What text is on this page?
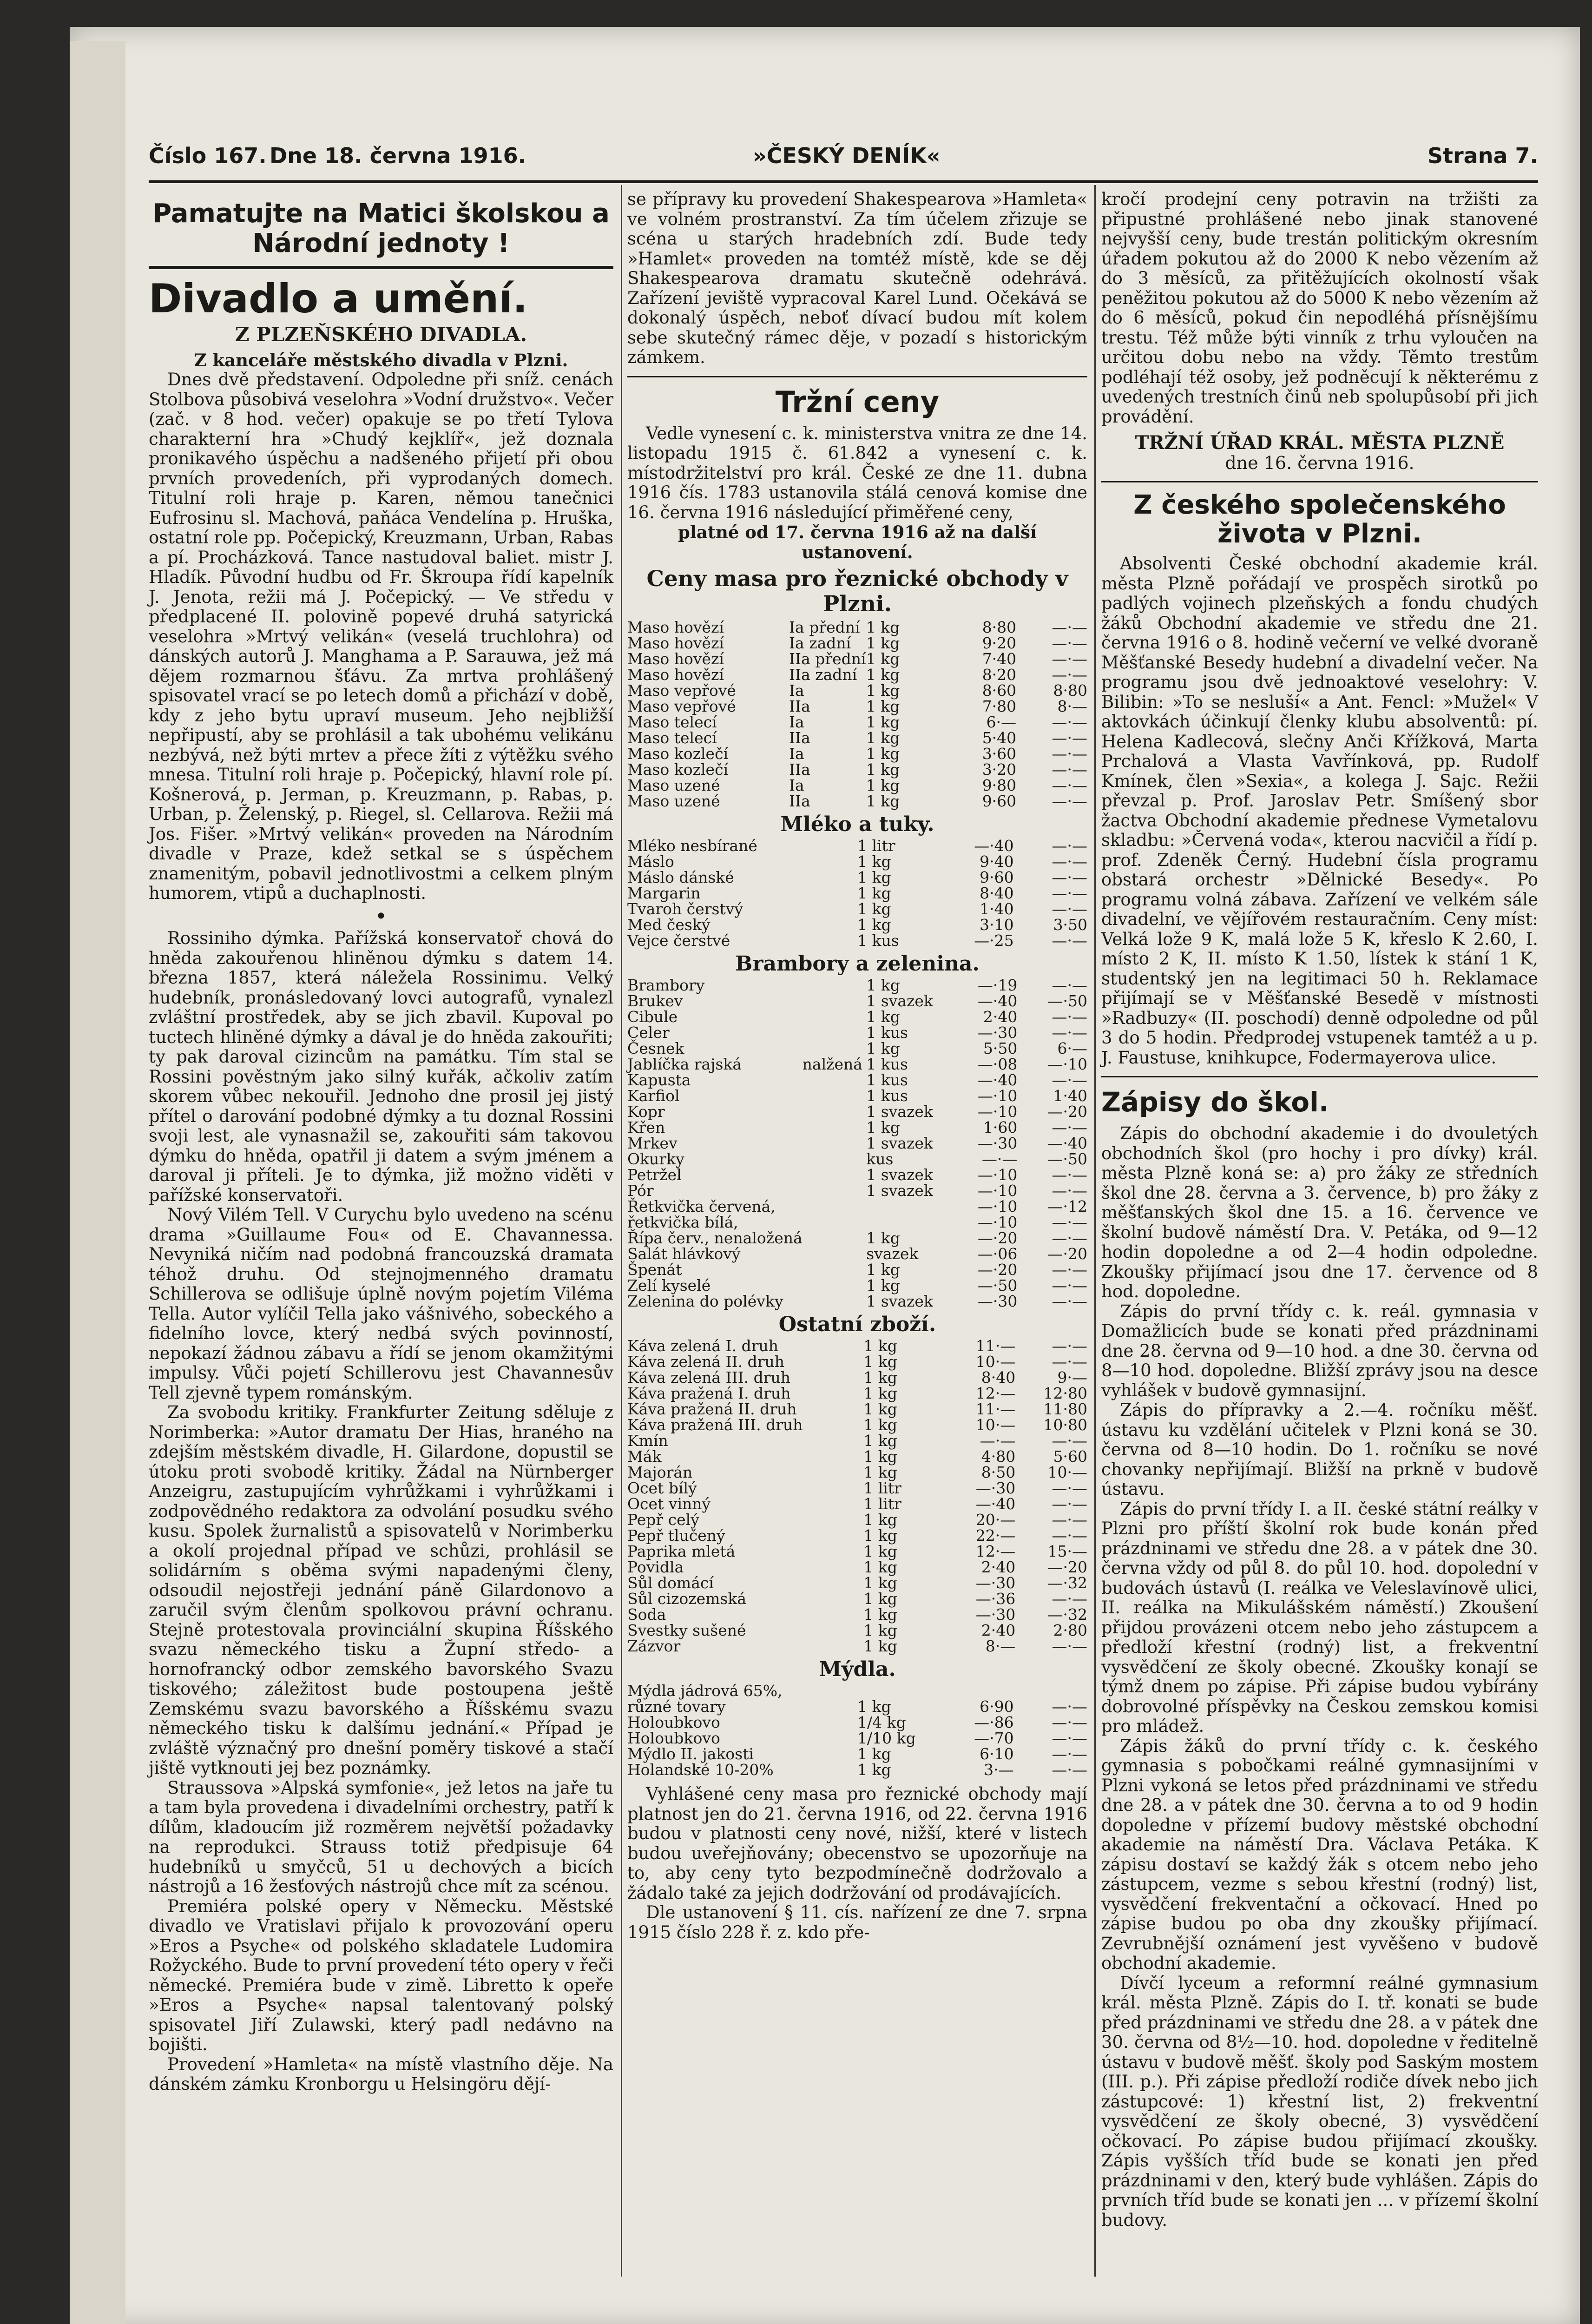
Číslo 167. Dne 18. června 1916.	»ČESKÝ DENÍK«	Strana 7.
Pamatujte na Matici školskou a Národní jednoty !
Divadlo a umění.
Z PLZEŇSKÉHO DIVADLA.

Z kanceláře městského divadla v Plzni.

Dnes dvě představení. Odpoledne při sníž. cenách Stolbova působivá veselohra »Vodní družstvo«. Večer (zač. v 8 hod. večer) opakuje se po třetí Tylova charakterní hra »Chudý kejklíř«, jež doznala pronikavého úspěchu a nadšeného přijetí při obou prvních provedeních, při vyprodaných domech. Titulní roli hraje p. Karen, němou tanečnici Eufrosinu sl. Machová, paňáca Vendelína p. Hruška, ostatní role pp. Počepický, Kreuzmann, Urban, Rabas a pí. Procházková. Tance nastudoval baliet. mistr J. Hladík. Původní hudbu od Fr. Škroupa řídí kapelník J. Jenota, režii má J. Počepický. — Ve středu v předplacené II. polovině popevé druhá satyrická veselohra »Mrtvý velikán« (veselá truchlohra) od dánských autorů J. Manghama a P. Sarauwa, jež má dějem rozmarnou šťávu. Za mrtva prohlášený spisovatel vrací se po letech domů a přichází v době, kdy z jeho bytu upraví museum. Jeho nejbližší nepřipustí, aby se prohlásil a tak ubohému velikánu nezbývá, než býti mrtev a přece žíti z výtěžku svého mnesa. Titulní roli hraje p. Počepický, hlavní role pí. Košnerová, p. Jerman, p. Kreuzmann, p. Rabas, p. Urban, p. Želenský, p. Riegel, sl. Cellarova. Režii má Jos. Fišer. »Mrtvý velikán« proveden na Národním divadle v Praze, kdež setkal se s úspěchem znamenitým, pobavil jednotlivostmi a celkem plným humorem, vtipů a duchaplnosti.

•

Rossiniho dýmka. Pařížská konservatoř chová do hněda zakouřenou hliněnou dýmku s datem 14. března 1857, která náležela Rossinimu. Velký hudebník, pronásledovaný lovci autografů, vynalezl zvláštní prostředek, aby se jich zbavil. Kupoval po tuctech hliněné dýmky a dával je do hněda zakouřiti; ty pak daroval cizincům na památku. Tím stal se Rossini pověstným jako silný kuřák, ačkoliv zatím skorem vůbec nekouřil. Jednoho dne prosil jej jistý přítel o darování podobné dýmky a tu doznal Rossini svoji lest, ale vynasnažil se, zakouřiti sám takovou dýmku do hněda, opatřil ji datem a svým jménem a daroval ji příteli. Je to dýmka, již možno viděti v pařížské konservatoři.

Nový Vilém Tell. V Curychu bylo uvedeno na scénu drama »Guillaume Fou« od E. Chavannessa. Nevyniká ničím nad podobná francouzská dramata téhož druhu. Od stejnojmenného dramatu Schillerova se odlišuje úplně novým pojetím Viléma Tella. Autor vylíčil Tella jako vášnivého, sobeckého a fidelního lovce, který nedbá svých povinností, nepokazí žádnou zábavu a řídí se jenom okamžitými impulsy. Vůči pojetí Schillerovu jest Chavannesův Tell zjevně typem románským.

Za svobodu kritiky. Frankfurter Zeitung sděluje z Norimberka: »Autor dramatu Der Hias, hraného na zdejším městském divadle, H. Gilardone, dopustil se útoku proti svobodě kritiky. Žádal na Nürnberger Anzeigru, zastupujícím vyhrůžkami i vyhrůžkami i zodpovědného redaktora za odvolání posudku svého kusu. Spolek žurnalistů a spisovatelů v Norimberku a okolí projednal případ ve schůzi, prohlásil se solidárním s oběma svými napadenými členy, odsoudil nejostřeji jednání páně Gilardonovo a zaručil svým členům spolkovou právní ochranu. Stejně protestovala provinciální skupina Říšského svazu německého tisku a Župní středo- a hornofrancký odbor zemského bavorského Svazu tiskového; záležitost bude postoupena ještě Zemskému svazu bavorského a Říšskému svazu německého tisku k dalšímu jednání.« Případ je zvláště význačný pro dnešní poměry tiskové a stačí jiště vytknouti jej bez poznámky.

Straussova »Alpská symfonie«, jež letos na jaře tu a tam byla provedena i divadelními orchestry, patří k dílům, kladoucím již rozměrem největší požadavky na reprodukci. Strauss totiž předpisuje 64 hudebníků u smyčců, 51 u dechových a bicích nástrojů a 16 žesťových nástrojů chce mít za scénou.

Premiéra polské opery v Německu. Městské divadlo ve Vratislavi přijalo k provozování operu »Eros a Psyche« od polského skladatele Ludomira Rožyckého. Bude to první provedení této opery v řeči německé. Premiéra bude v zimě. Libretto k opeře »Eros a Psyche« napsal talentovaný polský spisovatel Jiří Zulawski, který padl nedávno na bojišti.

Provedení »Hamleta« na místě vlastního děje. Na dánském zámku Kronborgu u Helsingöru dějí-

se přípravy ku provedení Shakespearova »Hamleta« ve volném prostranství. Za tím účelem zřizuje se scéna u starých hradebních zdí. Bude tedy »Hamlet« proveden na tomtéž místě, kde se děj Shakespearova dramatu skutečně odehrává. Zařízení jeviště vypracoval Karel Lund. Očekává se dokonalý úspěch, neboť dívací budou mít kolem sebe skutečný rámec děje, v pozadí s historickým zámkem.

Tržní ceny

Vedle vynesení c. k. ministerstva vnitra ze dne 14. listopadu 1915 č. 61.842 a vynesení c. k. místodržitelství pro král. České ze dne 11. dubna 1916 čís. 1783 ustanovila stálá cenová komise dne 16. června 1916 následující přiměřené ceny,

platné od 17. června 1916 až na další ustanovení.

Ceny masa pro řeznické obchody v Plzni.
Maso hovězí	Ia přední	1 kg	8·80	—·—
Maso hovězí	Ia zadní	1 kg	9·20	—·—
Maso hovězí	IIa přední	1 kg	7·40	—·—
Maso hovězí	IIa zadní	1 kg	8·20	—·—
Maso vepřové	Ia	1 kg	8·60	8·80
Maso vepřové	IIa	1 kg	7·80	8·—
Maso telecí	Ia	1 kg	6·—	—·—
Maso telecí	IIa	1 kg	5·40	—·—
Maso kozlečí	Ia	1 kg	3·60	—·—
Maso kozlečí	IIa	1 kg	3·20	—·—
Maso uzené	Ia	1 kg	9·80	—·—
Maso uzené	IIa	1 kg	9·60	—·—
Mléko a tuky.
Mléko nesbírané		1 litr	—·40	—·—
Máslo		1 kg	9·40	—·—
Máslo dánské		1 kg	9·60	—·—
Margarin		1 kg	8·40	—·—
Tvaroh čerstvý		1 kg	1·40	—·—
Med český		1 kg	3·10	3·50
Vejce čerstvé		1 kus	—·25	—·—
Brambory a zelenina.
Brambory		1 kg	—·19	—·—
Brukev		1 svazek	—·40	—·50
Cibule		1 kg	2·40	—·—
Celer		1 kus	—·30	—·—
Česnek		1 kg	5·50	6·—
Jablíčka rajská	nalžená	1 kus	—·08	—·10
Kapusta		1 kus	—·40	—·—
Karfiol		1 kus	—·10	1·40
Kopr		1 svazek	—·10	—·20
Křen		1 kg	1·60	—·—
Mrkev		1 svazek	—·30	—·40
Okurky		kus	—·—	—·50
Petržel		1 svazek	—·10	—·—
Pór		1 svazek	—·10	—·—
Řetkvička červená,			—·10	—·12
řetkvička bílá,			—·10	—·—
Řípa červ., nenaložená		1 kg	—·20	—·—
Salát hlávkový		svazek	—·06	—·20
Špenát		1 kg	—·20	—·—
Zelí kyselé		1 kg	—·50	—·—
Zelenina do polévky		1 svazek	—·30	—·—
Ostatní zboží.
Káva zelená I. druh		1 kg	11·—	—·—
Káva zelená II. druh		1 kg	10·—	—·—
Káva zelená III. druh		1 kg	8·40	9·—
Káva pražená I. druh		1 kg	12·—	12·80
Káva pražená II. druh		1 kg	11·—	11·80
Káva pražená III. druh		1 kg	10·—	10·80
Kmín		1 kg	—·—	—·—
Mák		1 kg	4·80	5·60
Majorán		1 kg	8·50	10·—
Ocet bílý		1 litr	—·30	—·—
Ocet vinný		1 litr	—·40	—·—
Pepř celý		1 kg	20·—	—·—
Pepř tlučený		1 kg	22·—	—·—
Paprika mletá		1 kg	12·—	15·—
Povidla		1 kg	2·40	—·20
Sůl domácí		1 kg	—·30	—·32
Sůl cizozemská		1 kg	—·36	—·—
Soda		1 kg	—·30	—·32
Svestky sušené		1 kg	2·40	2·80
Zázvor		1 kg	8·—	—·—
Mýdla.
Mýdla jádrová 65%,				
různé tovary		1 kg	6·90	—·—
Holoubkovo		1/4 kg	—·86	—·—
Holoubkovo		1/10 kg	—·70	—·—
Mýdlo II. jakosti		1 kg	6·10	—·—
Holandské 10-20%		1 kg	3·—	—·—

Vyhlášené ceny masa pro řeznické obchody mají platnost jen do 21. června 1916, od 22. června 1916 budou v platnosti ceny nové, nižší, které v listech budou uveřejňovány; obecenstvo se upozorňuje na to, aby ceny tyto bezpodmínečně dodržovalo a žádalo také za jejich dodržování od prodávajících.

Dle ustanovení § 11. cís. nařízení ze dne 7. srpna 1915 číslo 228 ř. z. kdo pře-

kročí prodejní ceny potravin na tržišti za připustné prohlášené nebo jinak stanovené nejvyšší ceny, bude trestán politickým okresním úřadem pokutou až do 2000 K nebo vězením až do 3 měsíců, za přitěžujících okolností však peněžitou pokutou až do 5000 K nebo vězením až do 6 měsíců, pokud čin nepodléhá přísnějšímu trestu. Též může býti vinník z trhu vyloučen na určitou dobu nebo na vždy. Těmto trestům podléhají též osoby, jež podněcují k některému z uvedených trestních činů neb spolupůsobí při jich provádění.

TRŽNÍ ÚŘAD KRÁL. MĚSTA PLZNĚ
dne 16. června 1916.
Z českého společenského života v Plzni.

Absolventi České obchodní akademie král. města Plzně pořádají ve prospěch sirotků po padlých vojinech plzeňských a fondu chudých žáků Obchodní akademie ve středu dne 21. června 1916 o 8. hodině večerní ve velké dvoraně Měšťanské Besedy hudební a divadelní večer. Na programu jsou dvě jednoaktové veselohry: V. Bilibin: »To se nesluší« a Ant. Fencl: »Mužel« V aktovkách účinkují členky klubu absolventů: pí. Helena Kadlecová, slečny Anči Křížková, Marta Prchalová a Vlasta Vavřínková, pp. Rudolf Kmínek, člen »Sexia«, a kolega J. Sajc. Režii převzal p. Prof. Jaroslav Petr. Smíšený sbor žactva Obchodní akademie přednese Vymetalovu skladbu: »Červená voda«, kterou nacvičil a řídí p. prof. Zdeněk Černý. Hudební čísla programu obstará orchestr »Dělnické Besedy«. Po programu volná zábava. Zařízení ve velkém sále divadelní, ve vějířovém restauračním. Ceny míst: Velká lože 9 K, malá lože 5 K, křeslo K 2.60, I. místo 2 K, II. místo K 1.50, lístek k stání 1 K, studentský jen na legitimaci 50 h. Reklamace přijímají se v Měšťanské Besedě v místnosti »Radbuzy« (II. poschodí) denně odpoledne od půl 3 do 5 hodin. Předprodej vstupenek tamtéž a u p. J. Faustuse, knihkupce, Fodermayerova ulice.

Zápisy do škol.

Zápis do obchodní akademie i do dvouletých obchodních škol (pro hochy i pro dívky) král. města Plzně koná se: a) pro žáky ze středních škol dne 28. června a 3. července, b) pro žáky z měšťanských škol dne 15. a 16. července ve školní budově náměstí Dra. V. Petáka, od 9—12 hodin dopoledne a od 2—4 hodin odpoledne. Zkoušky přijímací jsou dne 17. července od 8 hod. dopoledne.

Zápis do první třídy c. k. reál. gymnasia v Domažlicích bude se konati před prázdninami dne 28. června od 9—10 hod. a dne 30. června od 8—10 hod. dopoledne. Bližší zprávy jsou na desce vyhlášek v budově gymnasijní.

Zápis do přípravky a 2.—4. ročníku měšť. ústavu ku vzdělání učitelek v Plzni koná se 30. června od 8—10 hodin. Do 1. ročníku se nové chovanky nepřijímají. Bližší na prkně v budově ústavu.

Zápis do první třídy I. a II. české státní reálky v Plzni pro příští školní rok bude konán před prázdninami ve středu dne 28. a v pátek dne 30. června vždy od půl 8. do půl 10. hod. dopolední v budovách ústavů (I. reálka ve Veleslavínově ulici, II. reálka na Mikulášském náměstí.) Zkoušení přijdou provázeni otcem nebo jeho zástupcem a předloží křestní (rodný) list, a frekventní vysvědčení ze školy obecné. Zkoušky konají se týmž dnem po zápise. Při zápise budou vybírány dobrovolné příspěvky na Českou zemskou komisi pro mládež.

Zápis žáků do první třídy c. k. českého gymnasia s pobočkami reálné gymnasijními v Plzni vykoná se letos před prázdninami ve středu dne 28. a v pátek dne 30. června a to od 9 hodin dopoledne v přízemí budovy městské obchodní akademie na náměstí Dra. Václava Petáka. K zápisu dostaví se každý žák s otcem nebo jeho zástupcem, vezme s sebou křestní (rodný) list, vysvědčení frekventační a očkovací. Hned po zápise budou po oba dny zkoušky přijímací. Zevrubnější oznámení jest vyvěšeno v budově obchodní akademie.

Dívčí lyceum a reformní reálné gymnasium král. města Plzně. Zápis do I. tř. konati se bude před prázdninami ve středu dne 28. a v pátek dne 30. června od 8½—10. hod. dopoledne v ředitelně ústavu v budově měšť. školy pod Saským mostem (III. p.). Při zápise předloží rodiče dívek nebo jich zástupcové: 1) křestní list, 2) frekventní vysvědčení ze školy obecné, 3) vysvědčení očkovací. Po zápise budou přijímací zkoušky. Zápis vyšších tříd bude se konati jen před prázdninami v den, který bude vyhlášen. Zápis do prvních tříd bude se konati jen ... v přízemí školní budovy.
